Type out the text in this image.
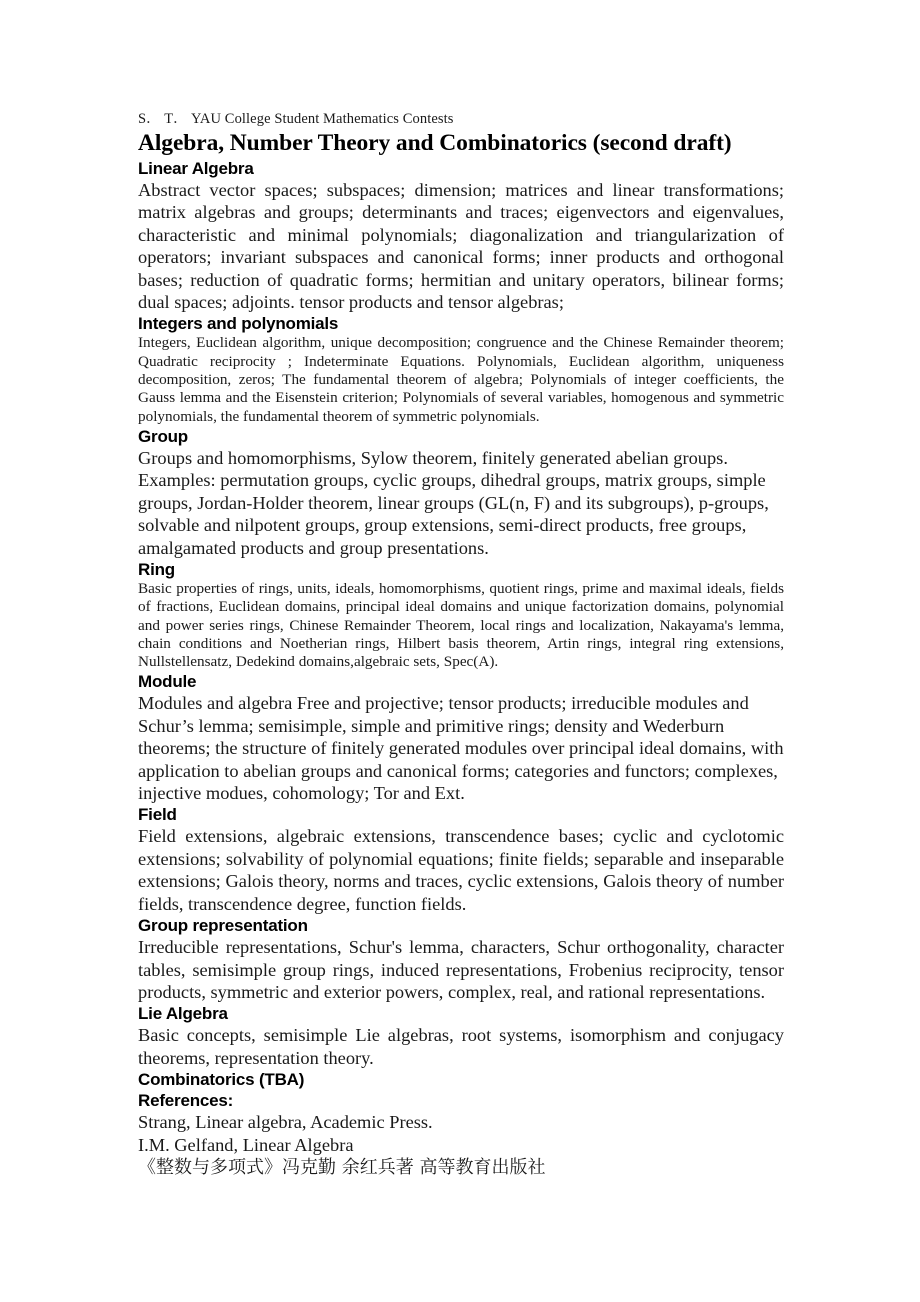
S． T． YAU College Student Mathematics Contests
Algebra, Number Theory and Combinatorics (second draft)
Linear Algebra

Abstract vector spaces; subspaces; dimension; matrices and linear transformations; matrix algebras and groups; determinants and traces; eigenvectors and eigenvalues, characteristic and minimal polynomials; diagonalization and triangularization of operators; invariant subspaces and canonical forms; inner products and orthogonal bases; reduction of quadratic forms; hermitian and unitary operators, bilinear forms; dual spaces; adjoints. tensor products and tensor algebras;

Integers and polynomials

Integers, Euclidean algorithm, unique decomposition; congruence and the Chinese Remainder theorem; Quadratic reciprocity ; Indeterminate Equations. Polynomials, Euclidean algorithm, uniqueness decomposition, zeros; The fundamental theorem of algebra; Polynomials of integer coefficients, the Gauss lemma and the Eisenstein criterion; Polynomials of several variables, homogenous and symmetric polynomials, the fundamental theorem of symmetric polynomials.

Group

Groups and homomorphisms, Sylow theorem, finitely generated abelian groups. Examples: permutation groups, cyclic groups, dihedral groups, matrix groups, simple groups, Jordan-Holder theorem, linear groups (GL(n, F) and its subgroups), p-groups, solvable and nilpotent groups, group extensions, semi-direct products, free groups, amalgamated products and group presentations.

Ring

Basic properties of rings, units, ideals, homomorphisms, quotient rings, prime and maximal ideals, fields of fractions, Euclidean domains, principal ideal domains and unique factorization domains, polynomial and power series rings, Chinese Remainder Theorem, local rings and localization, Nakayama's lemma, chain conditions and Noetherian rings, Hilbert basis theorem, Artin rings, integral ring extensions, Nullstellensatz, Dedekind domains,algebraic sets, Spec(A).

Module

Modules and algebra Free and projective; tensor products; irreducible modules and Schur’s lemma; semisimple, simple and primitive rings; density and Wederburn theorems; the structure of finitely generated modules over principal ideal domains, with application to abelian groups and canonical forms; categories and functors; complexes, injective modues, cohomology; Tor and Ext.

Field

Field extensions, algebraic extensions, transcendence bases; cyclic and cyclotomic extensions; solvability of polynomial equations; finite fields; separable and inseparable extensions; Galois theory, norms and traces, cyclic extensions, Galois theory of number fields, transcendence degree, function fields.

Group representation

Irreducible representations, Schur's lemma, characters, Schur orthogonality, character tables, semisimple group rings, induced representations, Frobenius reciprocity, tensor products, symmetric and exterior powers, complex, real, and rational representations.

Lie Algebra

Basic concepts, semisimple Lie algebras, root systems, isomorphism and conjugacy theorems, representation theory.

Combinatorics (TBA)
References:

Strang, Linear algebra, Academic Press.

I.M. Gelfand, Linear Algebra

《整数与多项式》冯克勤 余红兵著 高等教育出版社
